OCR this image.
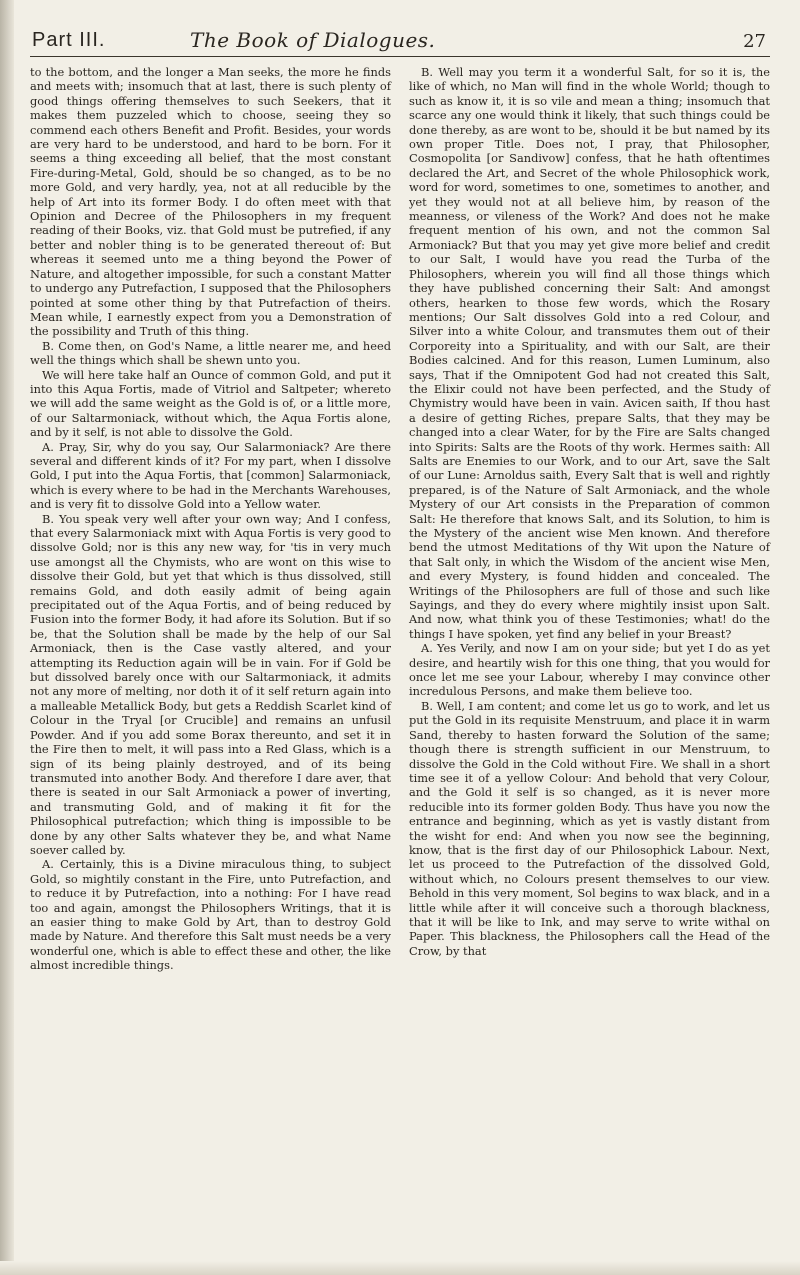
Part III.	The Book of Dialogues.	27

to the bottom, and the longer a Man seeks, the more he finds and meets with; insomuch that at last, there is such plenty of good things offering themselves to such Seekers, that it makes them puzzeled which to choose, seeing they so commend each others Benefit and Profit. Besides, your words are very hard to be understood, and hard to be born. For it seems a thing exceeding all belief, that the most constant Fire-during-Metal, Gold, should be so changed, as to be no more Gold, and very hardly, yea, not at all reducible by the help of Art into its former Body. I do often meet with that Opinion and Decree of the Philosophers in my frequent reading of their Books, viz. that Gold must be putrefied, if any better and nobler thing is to be generated thereout of: But whereas it seemed unto me a thing beyond the Power of Nature, and altogether impossible, for such a constant Matter to undergo any Putrefaction, I supposed that the Philosophers pointed at some other thing by that Putrefaction of theirs. Mean while, I earnestly expect from you a Demonstration of the possibility and Truth of this thing.

B. Come then, on God's Name, a little nearer me, and heed well the things which shall be shewn unto you.

We will here take half an Ounce of common Gold, and put it into this Aqua Fortis, made of Vitriol and Saltpeter; whereto we will add the same weight as the Gold is of, or a little more, of our Saltarmoniack, without which, the Aqua Fortis alone, and by it self, is not able to dissolve the Gold.

A. Pray, Sir, why do you say, Our Salarmoniack? Are there several and different kinds of it? For my part, when I dissolve Gold, I put into the Aqua Fortis, that [common] Salarmoniack, which is every where to be had in the Merchants Warehouses, and is very fit to dissolve Gold into a Yellow water.

B. You speak very well after your own way; And I confess, that every Salarmoniack mixt with Aqua Fortis is very good to dissolve Gold; nor is this any new way, for 'tis in very much use amongst all the Chymists, who are wont on this wise to dissolve their Gold, but yet that which is thus dissolved, still remains Gold, and doth easily admit of being again precipitated out of the Aqua Fortis, and of being reduced by Fusion into the former Body, it had afore its Solution. But if so be, that the Solution shall be made by the help of our Sal Armoniack, then is the Case vastly altered, and your attempting its Reduction again will be in vain. For if Gold be but dissolved barely once with our Saltarmoniack, it admits not any more of melting, nor doth it of it self return again into a malleable Metallick Body, but gets a Reddish Scarlet kind of Colour in the Tryal [or Crucible] and remains an unfusil Powder. And if you add some Borax thereunto, and set it in the Fire then to melt, it will pass into a Red Glass, which is a sign of its being plainly destroyed, and of its being transmuted into another Body. And therefore I dare aver, that there is seated in our Salt Armoniack a power of inverting, and transmuting Gold, and of making it fit for the Philosophical putrefaction; which thing is impossible to be done by any other Salts whatever they be, and what Name soever called by.

A. Certainly, this is a Divine miraculous thing, to subject Gold, so mightily constant in the Fire, unto Putrefaction, and to reduce it by Putrefaction, into a nothing: For I have read too and again, amongst the Philosophers Writings, that it is an easier thing to make Gold by Art, than to destroy Gold made by Nature. And therefore this Salt must needs be a very wonderful one, which is able to effect these and other, the like almost incredible things.

B. Well may you term it a wonderful Salt, for so it is, the like of which, no Man will find in the whole World; though to such as know it, it is so vile and mean a thing; insomuch that scarce any one would think it likely, that such things could be done thereby, as are wont to be, should it be but named by its own proper Title. Does not, I pray, that Philosopher, Cosmopolita [or Sandivow] confess, that he hath oftentimes declared the Art, and Secret of the whole Philosophick work, word for word, sometimes to one, sometimes to another, and yet they would not at all believe him, by reason of the meanness, or vileness of the Work? And does not he make frequent mention of his own, and not the common Sal Armoniack? But that you may yet give more belief and credit to our Salt, I would have you read the Turba of the Philosophers, wherein you will find all those things which they have published concerning their Salt: And amongst others, hearken to those few words, which the Rosary mentions; Our Salt dissolves Gold into a red Colour, and Silver into a white Colour, and transmutes them out of their Corporeity into a Spirituality, and with our Salt, are their Bodies calcined. And for this reason, Lumen Luminum, also says, That if the Omnipotent God had not created this Salt, the Elixir could not have been perfected, and the Study of Chymistry would have been in vain. Avicen saith, If thou hast a desire of getting Riches, prepare Salts, that they may be changed into a clear Water, for by the Fire are Salts changed into Spirits: Salts are the Roots of thy work. Hermes saith: All Salts are Enemies to our Work, and to our Art, save the Salt of our Lune: Arnoldus saith, Every Salt that is well and rightly prepared, is of the Nature of Salt Armoniack, and the whole Mystery of our Art consists in the Preparation of common Salt: He therefore that knows Salt, and its Solution, to him is the Mystery of the ancient wise Men known. And therefore bend the utmost Meditations of thy Wit upon the Nature of that Salt only, in which the Wisdom of the ancient wise Men, and every Mystery, is found hidden and concealed. The Writings of the Philosophers are full of those and such like Sayings, and they do every where mightily insist upon Salt. And now, what think you of these Testimonies; what! do the things I have spoken, yet find any belief in your Breast?

A. Yes Verily, and now I am on your side; but yet I do as yet desire, and heartily wish for this one thing, that you would for once let me see your Labour, whereby I may convince other incredulous Persons, and make them believe too.

B. Well, I am content; and come let us go to work, and let us put the Gold in its requisite Menstruum, and place it in warm Sand, thereby to hasten forward the Solution of the same; though there is strength sufficient in our Menstruum, to dissolve the Gold in the Cold without Fire. We shall in a short time see it of a yellow Colour: And behold that very Colour, and the Gold it self is so changed, as it is never more reducible into its former golden Body. Thus have you now the entrance and beginning, which as yet is vastly distant from the wisht for end: And when you now see the beginning, know, that is the first day of our Philosophick Labour. Next, let us proceed to the Putrefaction of the dissolved Gold, without which, no Colours present themselves to our view. Behold in this very moment, Sol begins to wax black, and in a little while after it will conceive such a thorough blackness, that it will be like to Ink, and may serve to write withal on Paper. This blackness, the Philosophers call the Head of the Crow, by that
